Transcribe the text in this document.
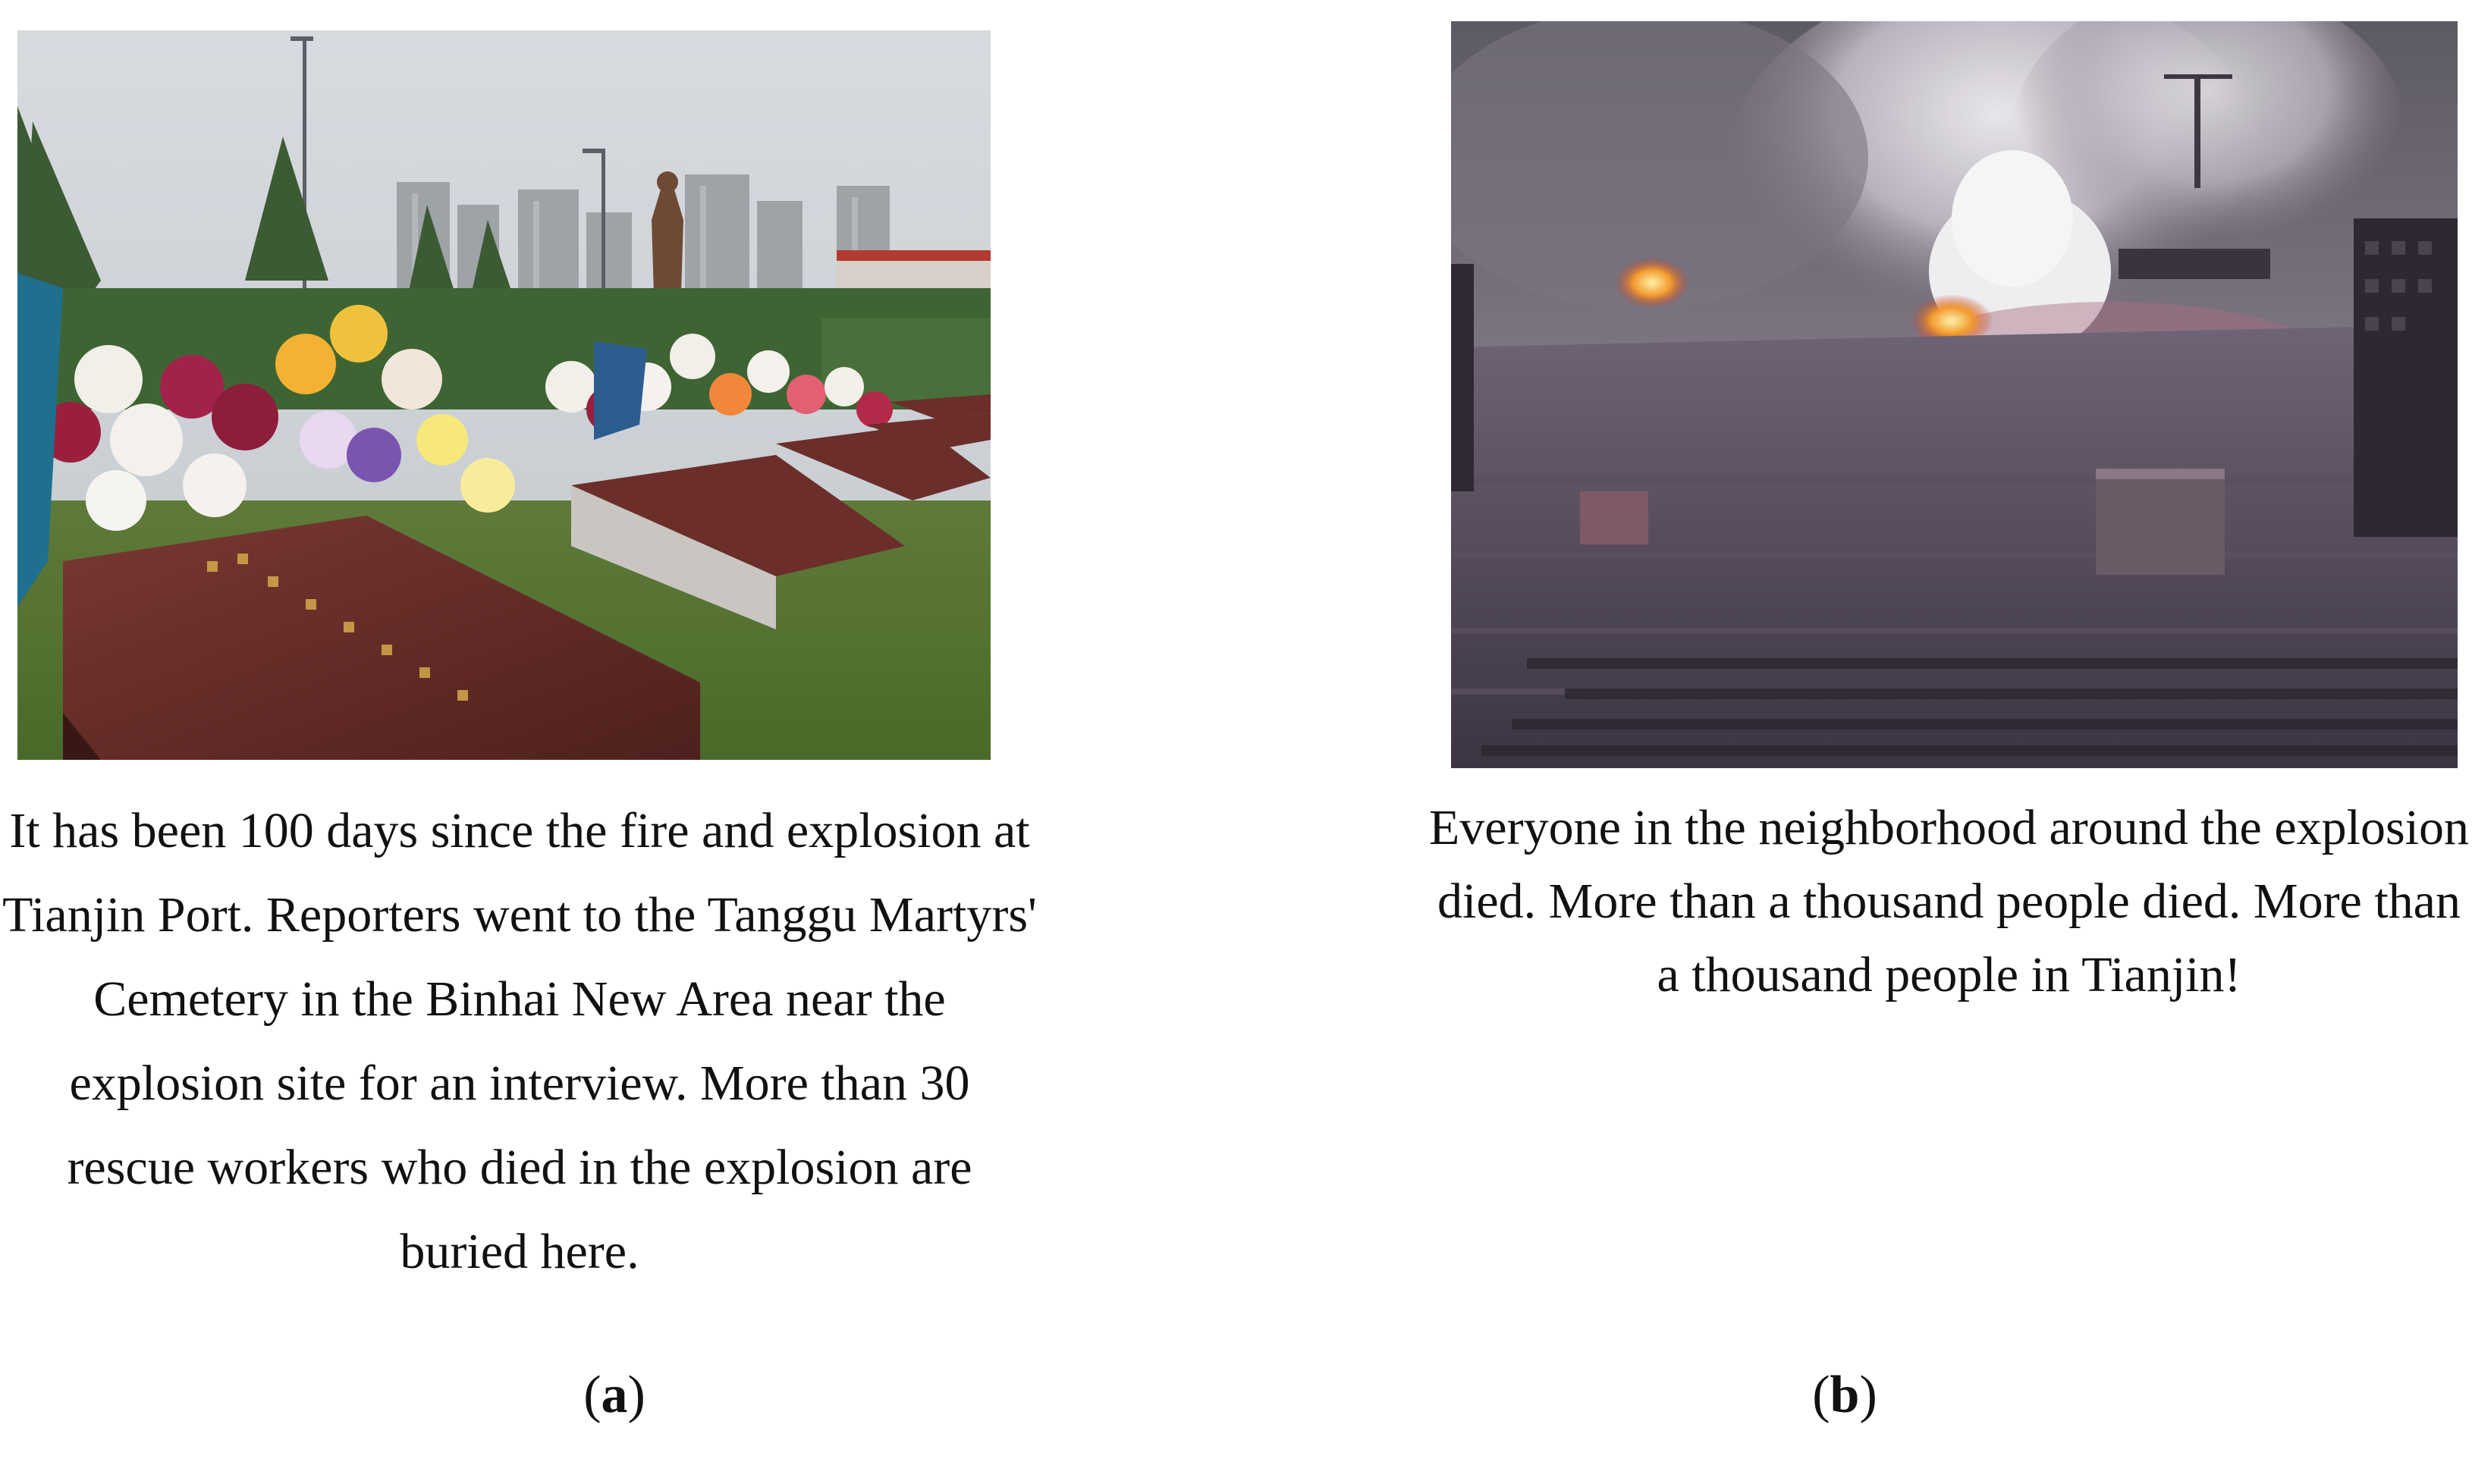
It has been 100 days since the fire and explosion at Tianjin Port. Reporters went to the Tanggu Martyrs' Cemetery in the Binhai New Area near the explosion site for an interview. More than 30 rescue workers who died in the explosion are buried here.

Everyone in the neighborhood around the explosion died. More than a thousand people died. More than a thousand people in Tianjin!

(a)	(b)
